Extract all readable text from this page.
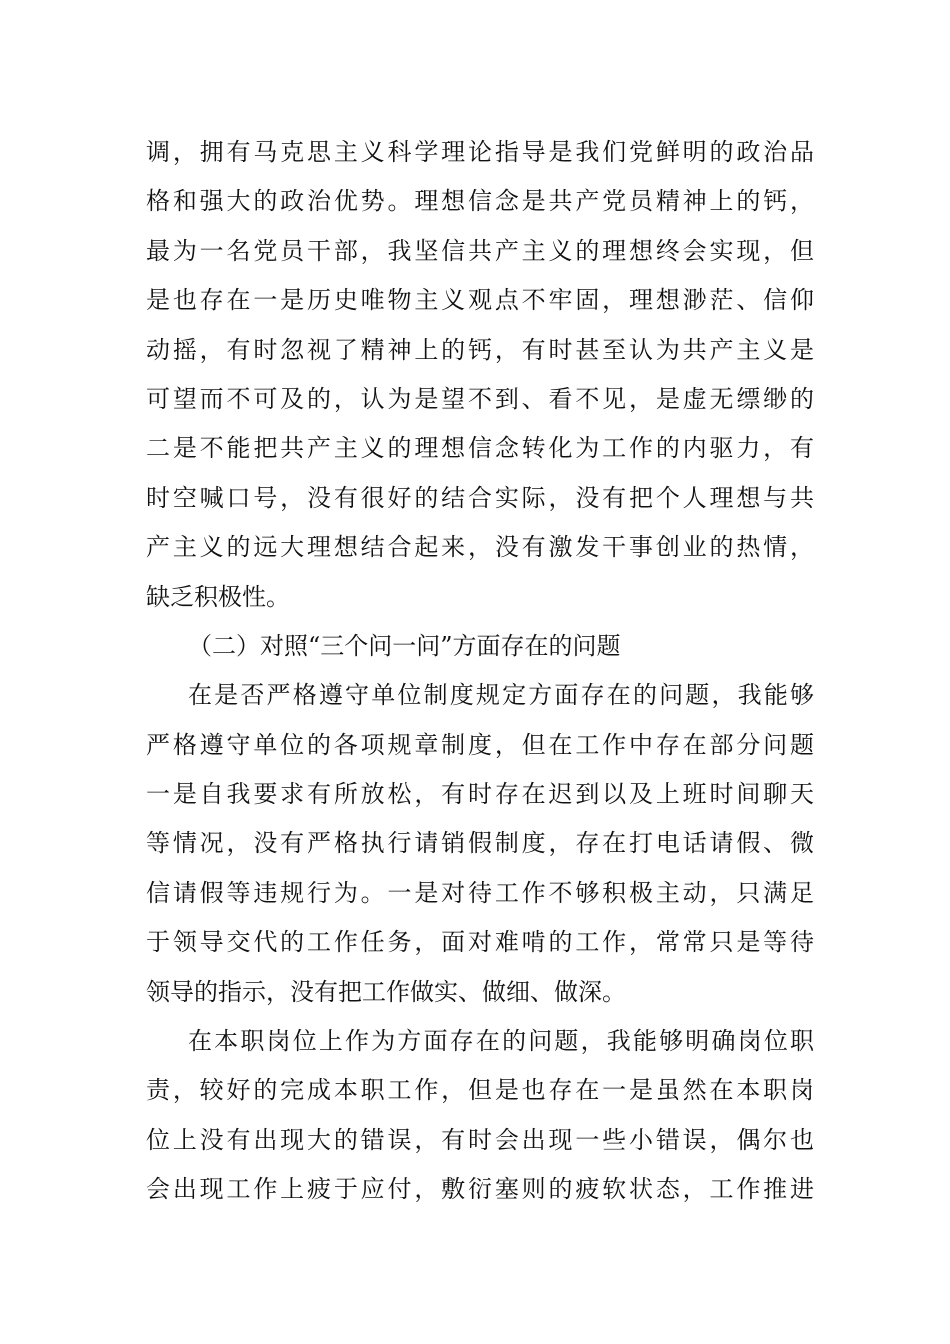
调，拥有马克思主义科学理论指导是我们党鲜明的政治品
格和强大的政治优势。理想信念是共产党员精神上的钙，
最为一名党员干部，我坚信共产主义的理想终会实现，但
是也存在一是历史唯物主义观点不牢固，理想渺茫、信仰
动摇，有时忽视了精神上的钙，有时甚至认为共产主义是
可望而不可及的，认为是望不到、看不见，是虚无缥缈的
二是不能把共产主义的理想信念转化为工作的内驱力，有
时空喊口号，没有很好的结合实际，没有把个人理想与共
产主义的远大理想结合起来，没有激发干事创业的热情，
缺乏积极性。
（二）对照“三个问一问”方面存在的问题
在是否严格遵守单位制度规定方面存在的问题，我能够
严格遵守单位的各项规章制度，但在工作中存在部分问题
一是自我要求有所放松，有时存在迟到以及上班时间聊天
等情况，没有严格执行请销假制度，存在打电话请假、微
信请假等违规行为。一是对待工作不够积极主动，只满足
于领导交代的工作任务，面对难啃的工作，常常只是等待
领导的指示，没有把工作做实、做细、做深。
在本职岗位上作为方面存在的问题，我能够明确岗位职
责，较好的完成本职工作，但是也存在一是虽然在本职岗
位上没有出现大的错误，有时会出现一些小错误，偶尔也
会出现工作上疲于应付，敷衍塞则的疲软状态，工作推进
